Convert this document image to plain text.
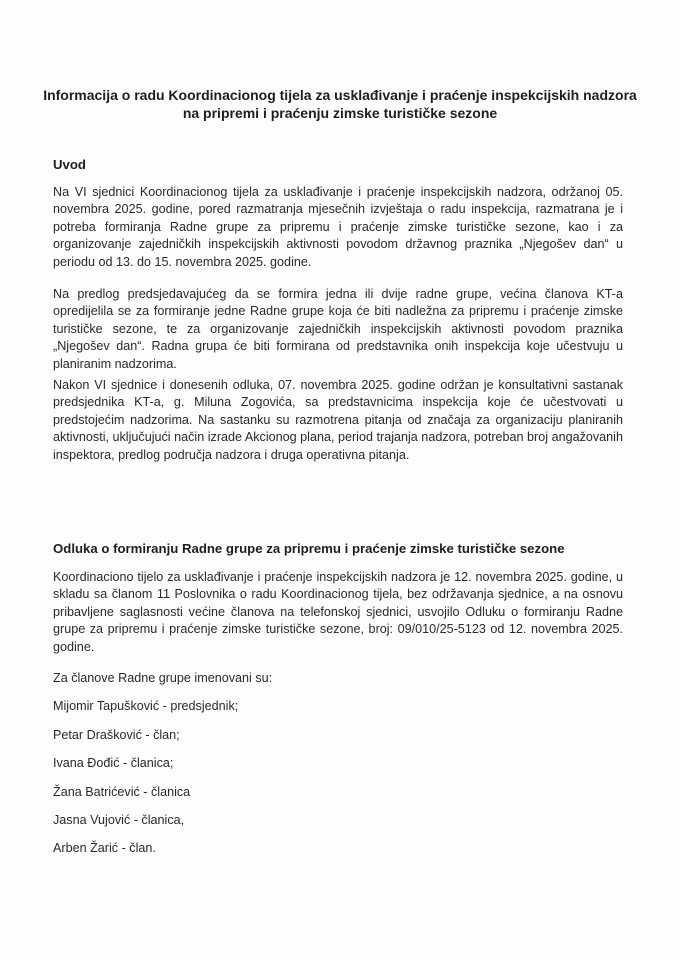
Informacija o radu Koordinacionog tijela za usklađivanje i praćenje inspekcijskih nadzora na pripremi i praćenju zimske turističke sezone
Uvod
Na VI sjednici Koordinacionog tijela za usklađivanje i praćenje inspekcijskih nadzora, održanoj 05. novembra 2025. godine, pored razmatranja mjesečnih izvještaja o radu inspekcija, razmatrana je i potreba formiranja Radne grupe za pripremu i praćenje zimske turističke sezone, kao i za organizovanje zajedničkih inspekcijskih aktivnosti povodom državnog praznika „Njegošev dan“ u periodu od 13. do 15. novembra 2025. godine.
Na predlog predsjedavajućeg da se formira jedna ili dvije radne grupe, većina članova KT-a opredijelila se za formiranje jedne Radne grupe koja će biti nadležna za pripremu i praćenje zimske turističke sezone, te za organizovanje zajedničkih inspekcijskih aktivnosti povodom praznika „Njegošev dan“. Radna grupa će biti formirana od predstavnika onih inspekcija koje učestvuju u planiranim nadzorima.
Nakon VI sjednice i donesenih odluka, 07. novembra 2025. godine održan je konsultativni sastanak predsjednika KT-a, g. Miluna Zogovića, sa predstavnicima inspekcija koje će učestvovati u predstojećim nadzorima. Na sastanku su razmotrena pitanja od značaja za organizaciju planiranih aktivnosti, uključujući način izrade Akcionog plana, period trajanja nadzora, potreban broj angažovanih inspektora, predlog područja nadzora i druga operativna pitanja.
Odluka o formiranju Radne grupe za pripremu i praćenje zimske turističke sezone
Koordinaciono tijelo za usklađivanje i praćenje inspekcijskih nadzora je 12. novembra 2025. godine, u skladu sa članom 11 Poslovnika o radu Koordinacionog tijela, bez održavanja sjednice, a na osnovu pribavljene saglasnosti većine članova na telefonskoj sjednici, usvojilo Odluku o formiranju Radne grupe za pripremu i praćenje zimske turističke sezone, broj: 09/010/25-5123 od 12. novembra 2025. godine.
Za članove Radne grupe imenovani su:
Mijomir Tapušković - predsjednik;
Petar Drašković - član;
Ivana Đođić - članica;
Žana Batrićević - članica
Jasna Vujović - članica,
Arben Žarić - član.
